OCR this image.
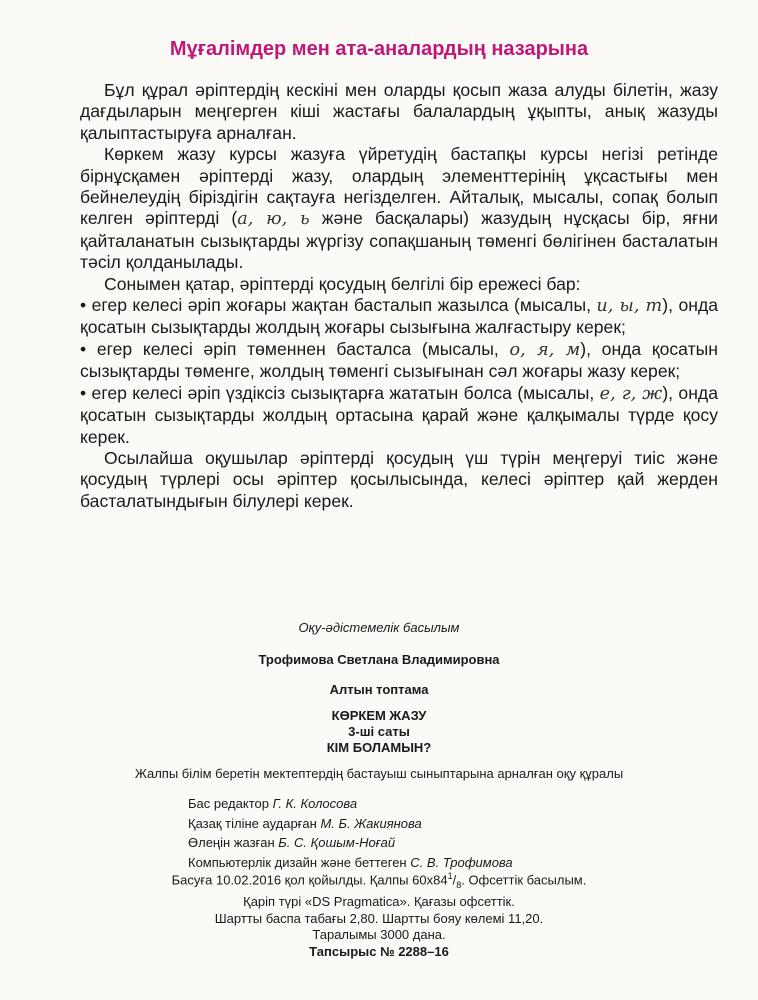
Мұғалімдер мен ата-аналардың назарына

Бұл құрал әріптердің кескіні мен оларды қосып жаза алуды білетін, жазу дағдыларын меңгерген кіші жастағы балалардың ұқыпты, анық жазуды қалыптастыруға арналған.

Көркем жазу курсы жазуға үйретудің бастапқы курсы негізі ретінде бірнұсқамен әріптерді жазу, олардың элементтерінің ұқсастығы мен бейнелеудің біріздігін сақтауға негізделген. Айталық, мысалы, сопақ болып келген әріптерді (а, ю, ь және басқалары) жазудың нұсқасы бір, яғни қайталанатын сызықтарды жүргізу сопақшаның төменгі бөлігінен басталатын тәсіл қолданылады.

Сонымен қатар, әріптерді қосудың белгілі бір ережесі бар:

• егер келесі әріп жоғары жақтан басталып жазылса (мысалы, и, ы, т), онда қосатын сызықтарды жолдың жоғары сызығына жалғастыру керек;

• егер келесі әріп төменнен басталса (мысалы, о, я, м), онда қосатын сызықтарды төменге, жолдың төменгі сызығынан сәл жоғары жазу керек;

• егер келесі әріп үздіксіз сызықтарға жататын болса (мысалы, е, г, ж), онда қосатын сызықтарды жолдың ортасына қарай және қалқымалы түрде қосу керек.

Осылайша оқушылар әріптерді қосудың үш түрін меңгеруі тиіс және қосудың түрлері осы әріптер қосылысында, келесі әріптер қай жерден басталатындығын білулері керек.

Оқу-әдістемелік басылым
Трофимова Светлана Владимировна
Алтын топтама
КӨРКЕМ ЖАЗУ
3-ші саты
КІМ БОЛАМЫН?
Жалпы білім беретін мектептердің бастауыш сыныптарына арналған оқу құралы
Бас редактор Г. К. Колосова
Қазақ тіліне аударған М. Б. Жакиянова
Өлеңін жазған Б. С. Қошым-Ноғай
Компьютерлік дизайн және беттеген С. В. Трофимова
Басуға 10.02.2016 қол қойылды. Қалпы $60x84^1/_8$. Офсеттік басылым.
Қаріп түрі «DS Pragmatica». Қағазы офсеттік.
Шартты баспа табағы 2,80. Шартты бояу көлемі 11,20.
Таралымы 3000 дана.
Тапсырыс № 2288–16
